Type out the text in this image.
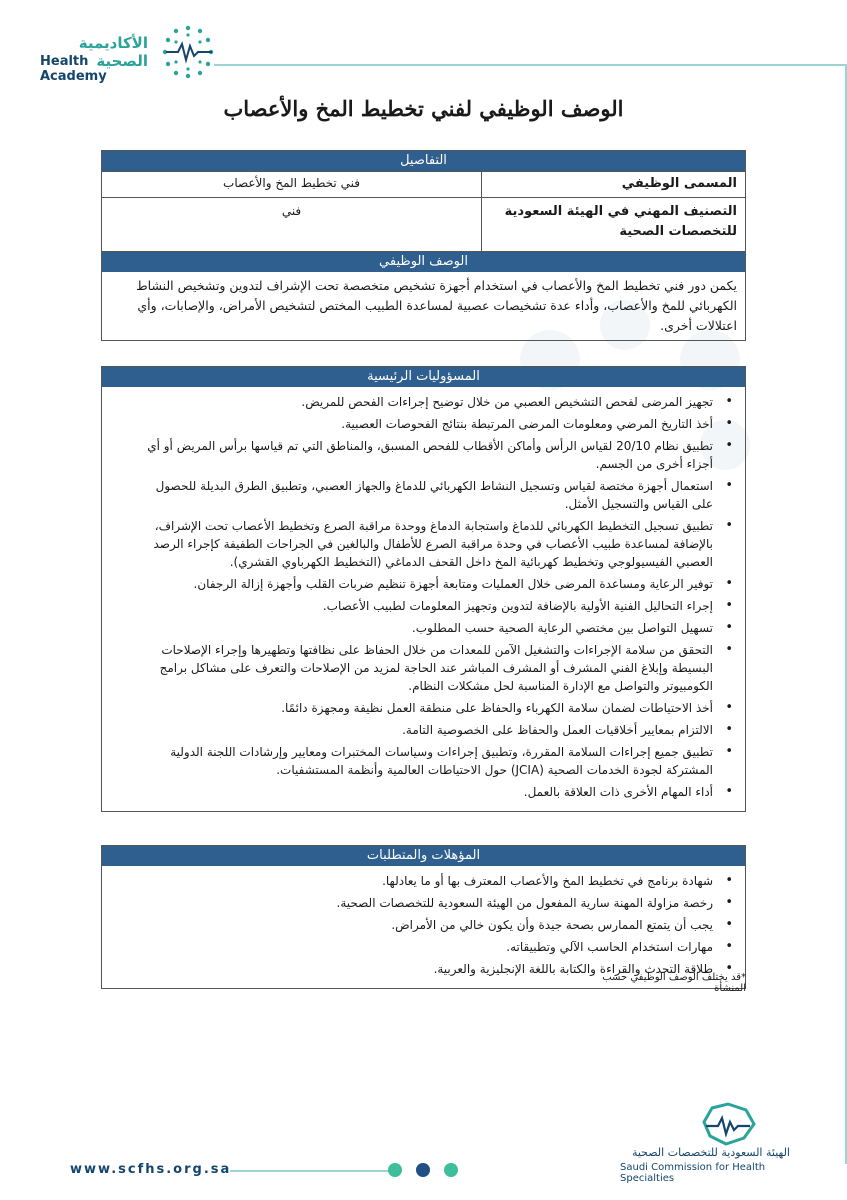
الأكاديمية الصحية
Health Academy
الوصف الوظيفي لفني تخطيط المخ والأعصاب
التفاصيل
المسمى الوظيفي
فني تخطيط المخ والأعصاب
التصنيف المهني في الهيئة السعودية للتخصصات الصحية
فني
الوصف الوظيفي
يكمن دور فني تخطيط المخ والأعصاب في استخدام أجهزة تشخيص متخصصة تحت الإشراف لتدوين وتشخيص النشاط الكهربائي للمخ والأعصاب، وأداء عدة تشخيصات عصبية لمساعدة الطبيب المختص لتشخيص الأمراض، والإصابات، وأي اعتلالات أخرى.
المسؤوليات الرئيسية
• تجهيز المرضى لفحص التشخيص العصبي من خلال توضيح إجراءات الفحص للمريض.
• أخذ التاريخ المرضي ومعلومات المرضى المرتبطة بنتائج الفحوصات العصبية.
• تطبيق نظام 20/10 لقياس الرأس وأماكن الأقطاب للفحص المسبق، والمناطق التي تم قياسها برأس المريض أو أي أجزاء أخرى من الجسم.
• استعمال أجهزة مختصة لقياس وتسجيل النشاط الكهربائي للدماغ والجهاز العصبي، وتطبيق الطرق البديلة للحصول على القياس والتسجيل الأمثل.
• تطبيق تسجيل التخطيط الكهربائي للدماغ واستجابة الدماغ ووحدة مراقبة الصرع وتخطيط الأعصاب تحت الإشراف، بالإضافة لمساعدة طبيب الأعصاب في وحدة مراقبة الصرع للأطفال والبالغين في الجراحات الطفيفة كإجراء الرصد العصبي الفيسيولوجي وتخطيط كهربائية المخ داخل القحف الدماغي (التخطيط الكهرباوي القشري).
• توفير الرعاية ومساعدة المرضى خلال العمليات ومتابعة أجهزة تنظيم ضربات القلب وأجهزة إزالة الرجفان.
• إجراء التحاليل الفنية الأولية بالإضافة لتدوين وتجهيز المعلومات لطبيب الأعصاب.
• تسهيل التواصل بين مختصي الرعاية الصحية حسب المطلوب.
• التحقق من سلامة الإجراءات والتشغيل الآمن للمعدات من خلال الحفاظ على نظافتها وتطهيرها وإجراء الإصلاحات البسيطة وإبلاغ الفني المشرف أو المشرف المباشر عند الحاجة لمزيد من الإصلاحات والتعرف على مشاكل برامج الكومبيوتر والتواصل مع الإدارة المناسبة لحل مشكلات النظام.
• أخذ الاحتياطات لضمان سلامة الكهرباء والحفاظ على منطقة العمل نظيفة ومجهزة دائمًا.
• الالتزام بمعايير أخلاقيات العمل والحفاظ على الخصوصية التامة.
• تطبيق جميع إجراءات السلامة المقررة، وتطبيق إجراءات وسياسات المختبرات ومعايير وإرشادات اللجنة الدولية المشتركة لجودة الخدمات الصحية (JCIA) حول الاحتياطات العالمية وأنظمة المستشفيات.
• أداء المهام الأخرى ذات العلاقة بالعمل.
المؤهلات والمتطلبات
• شهادة برنامج في تخطيط المخ والأعصاب المعترف بها أو ما يعادلها.
• رخصة مزاولة المهنة سارية المفعول من الهيئة السعودية للتخصصات الصحية.
• يجب أن يتمتع الممارس بصحة جيدة وأن يكون خالي من الأمراض.
• مهارات استخدام الحاسب الآلي وتطبيقاته.
• طلاقة التحدث والقراءة والكتابة باللغة الإنجليزية والعربية.
*قد يختلف الوصف الوظيفي حسب المنشأة
www.scfhs.org.sa
الهيئة السعودية للتخصصات الصحية
Saudi Commission for Health Specialties
